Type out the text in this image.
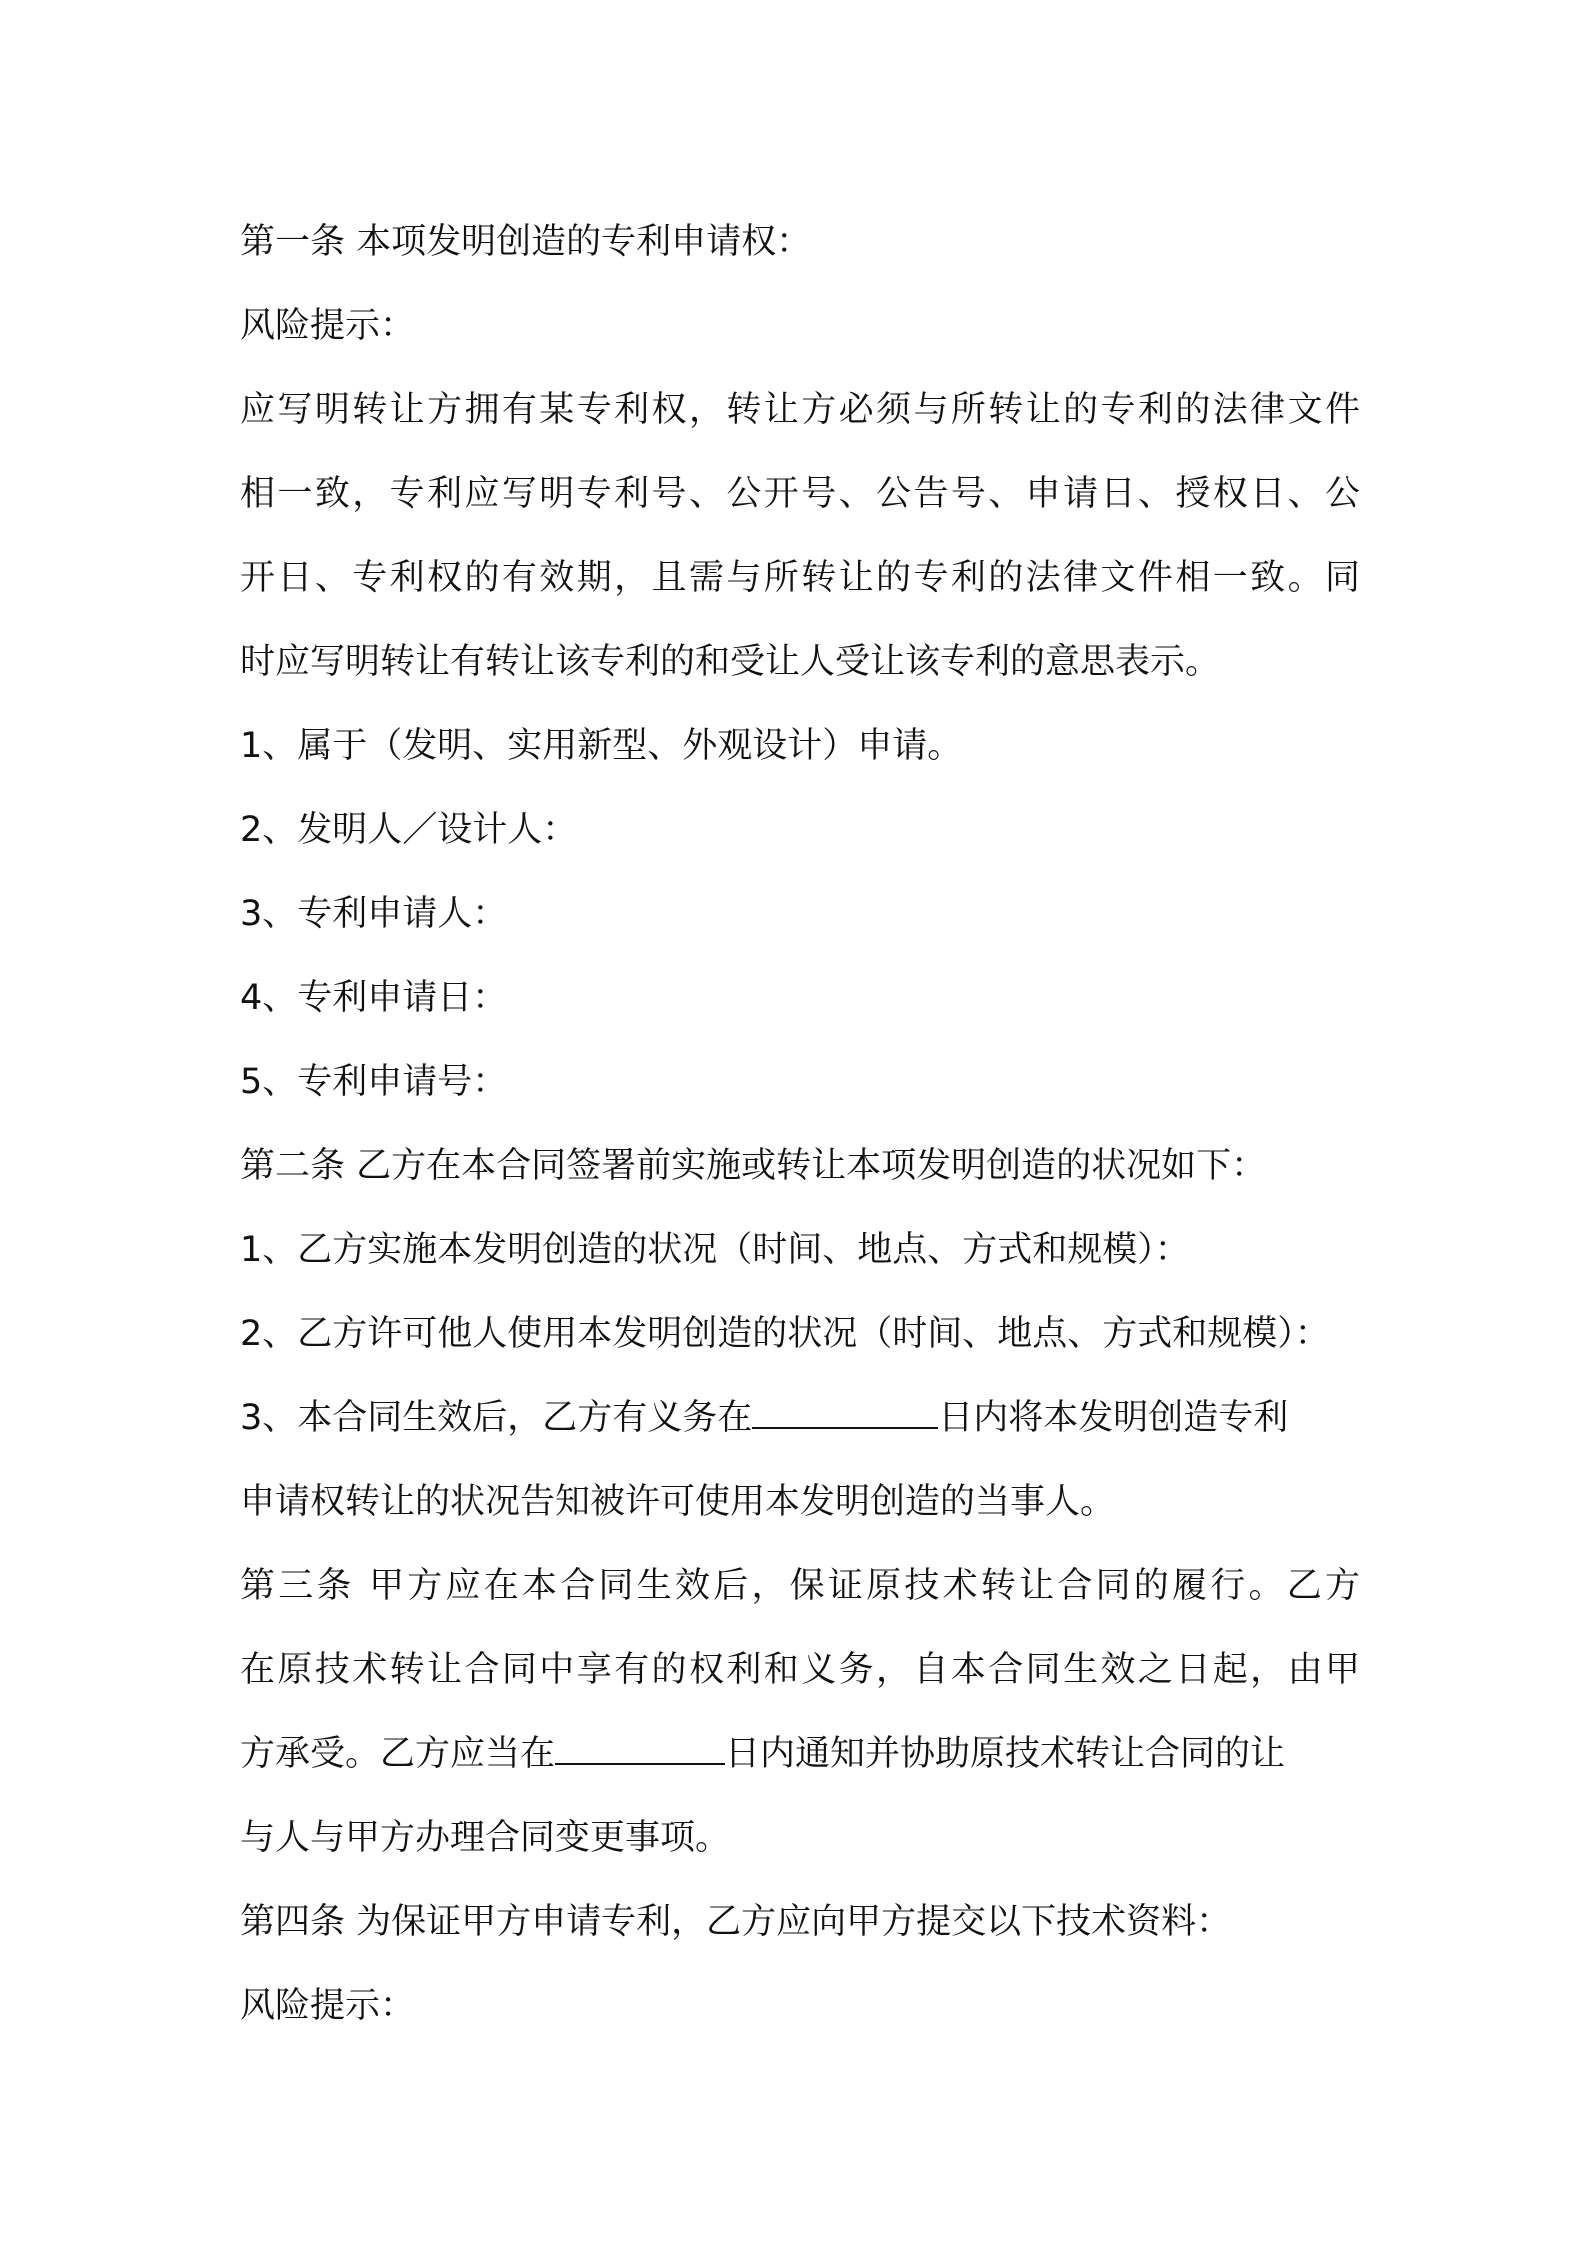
第一条 本项发明创造的专利申请权：

风险提示：

应写明转让方拥有某专利权，转让方必须与所转让的专利的法律文件

相一致，专利应写明专利号、公开号、公告号、申请日、授权日、公

开日、专利权的有效期，且需与所转让的专利的法律文件相一致。同

时应写明转让有转让该专利的和受让人受让该专利的意思表示。

1、属于（发明、实用新型、外观设计）申请。

2、发明人／设计人：

3、专利申请人：

4、专利申请日：

5、专利申请号：

第二条 乙方在本合同签署前实施或转让本项发明创造的状况如下：

1、乙方实施本发明创造的状况（时间、地点、方式和规模）：

2、乙方许可他人使用本发明创造的状况（时间、地点、方式和规模）：

3、本合同生效后，乙方有义务在	日内将本发明创造专利

申请权转让的状况告知被许可使用本发明创造的当事人。

第三条 甲方应在本合同生效后，保证原技术转让合同的履行。乙方

在原技术转让合同中享有的权利和义务，自本合同生效之日起，由甲

方承受。乙方应当在	日内通知并协助原技术转让合同的让

与人与甲方办理合同变更事项。

第四条 为保证甲方申请专利，乙方应向甲方提交以下技术资料：

风险提示：
